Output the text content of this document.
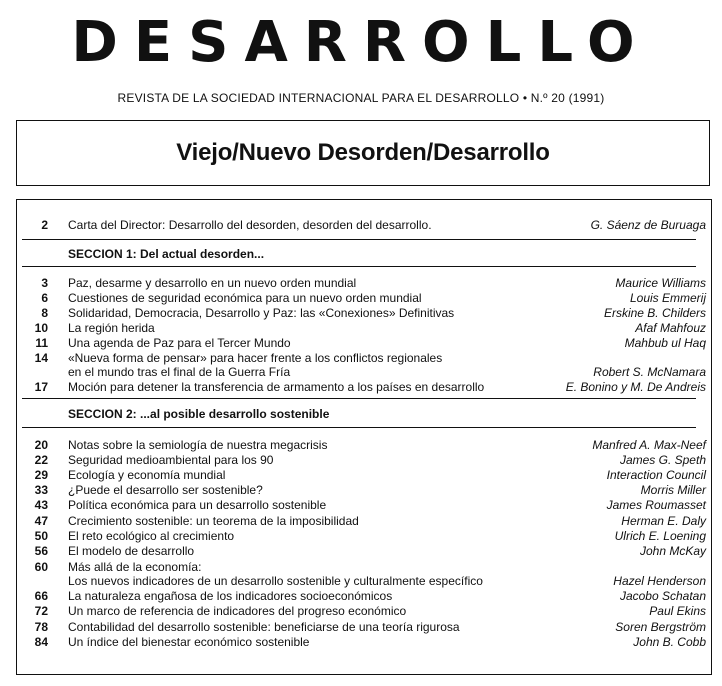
DESARROLLO
REVISTA DE LA SOCIEDAD INTERNACIONAL PARA EL DESARROLLO • N.º 20 (1991)
Viejo/Nuevo Desorden/Desarrollo
2 Carta del Director: Desarrollo del desorden, desorden del desarrollo.	G. Sáenz de Buruaga
SECCION 1: Del actual desorden...
3 Paz, desarme y desarrollo en un nuevo orden mundial	Maurice Williams
6 Cuestiones de seguridad económica para un nuevo orden mundial	Louis Emmerij
8 Solidaridad, Democracia, Desarrollo y Paz: las «Conexiones» Definitivas	Erskine B. Childers
10 La región herida	Afaf Mahfouz
11 Una agenda de Paz para el Tercer Mundo	Mahbub ul Haq
14 «Nueva forma de pensar» para hacer frente a los conflictos regionales
en el mundo tras el final de la Guerra Fría	Robert S. McNamara
17 Moción para detener la transferencia de armamento a los países en desarrollo	E. Bonino y M. De Andreis
SECCION 2: ...al posible desarrollo sostenible
20 Notas sobre la semiología de nuestra megacrisis	Manfred A. Max-Neef
22 Seguridad medioambiental para los 90	James G. Speth
29 Ecología y economía mundial	Interaction Council
33 ¿Puede el desarrollo ser sostenible?	Morris Miller
43 Política económica para un desarrollo sostenible	James Roumasset
47 Crecimiento sostenible: un teorema de la imposibilidad	Herman E. Daly
50 El reto ecológico al crecimiento	Ulrich E. Loening
56 El modelo de desarrollo	John McKay
60 Más allá de la economía:
Los nuevos indicadores de un desarrollo sostenible y culturalmente específico	Hazel Henderson
66 La naturaleza engañosa de los indicadores socioeconómicos	Jacobo Schatan
72 Un marco de referencia de indicadores del progreso económico	Paul Ekins
78 Contabilidad del desarrollo sostenible: beneficiarse de una teoría rigurosa	Soren Bergström
84 Un índice del bienestar económico sostenible	John B. Cobb
